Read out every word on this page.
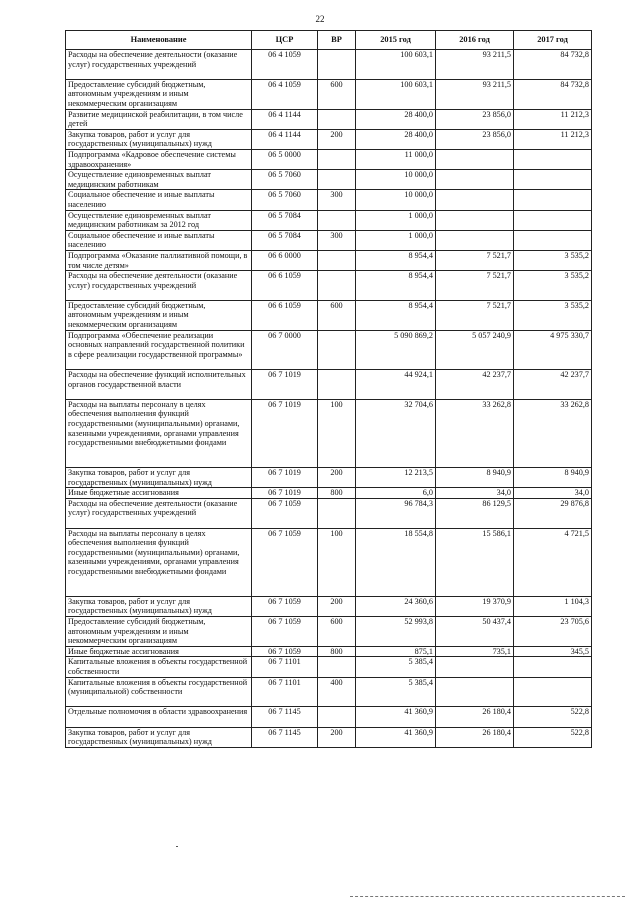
22
Наименование	ЦСР	ВР	2015 год	2016 год	2017 год
Расходы на обеспечение деятельности (оказание услуг) государственных учреждений	06 4 1059		100 603,1	93 211,5	84 732,8
Предоставление субсидий бюджетным, автономным учреждениям и иным некоммерческим организациям	06 4 1059	600	100 603,1	93 211,5	84 732,8
Развитие медицинской реабилитации, в том числе детей	06 4 1144		28 400,0	23 856,0	11 212,3
Закупка товаров, работ и услуг для государственных (муниципальных) нужд	06 4 1144	200	28 400,0	23 856,0	11 212,3
Подпрограмма «Кадровое обеспечение системы здравоохранения»	06 5 0000		11 000,0		
Осуществление единовременных выплат медицинским работникам	06 5 7060		10 000,0		
Социальное обеспечение и иные выплаты населению	06 5 7060	300	10 000,0		
Осуществление единовременных выплат медицинским работникам за 2012 год	06 5 7084		1 000,0		
Социальное обеспечение и иные выплаты населению	06 5 7084	300	1 000,0		
Подпрограмма «Оказание паллиативной помощи, в том числе детям»	06 6 0000		8 954,4	7 521,7	3 535,2
Расходы на обеспечение деятельности (оказание услуг) государственных учреждений	06 6 1059		8 954,4	7 521,7	3 535,2
Предоставление субсидий бюджетным, автономным учреждениям и иным некоммерческим организациям	06 6 1059	600	8 954,4	7 521,7	3 535,2
Подпрограмма «Обеспечение реализации основных направлений государственной политики в сфере реализации государственной программы»	06 7 0000		5 090 869,2	5 057 240,9	4 975 330,7
Расходы на обеспечение функций исполнительных органов государственной власти	06 7 1019		44 924,1	42 237,7	42 237,7
Расходы на выплаты персоналу в целях обеспечения выполнения функций государственными (муниципальными) органами, казенными учреждениями, органами управления государственными внебюджетными фондами	06 7 1019	100	32 704,6	33 262,8	33 262,8
Закупка товаров, работ и услуг для государственных (муниципальных) нужд	06 7 1019	200	12 213,5	8 940,9	8 940,9
Иные бюджетные ассигнования	06 7 1019	800	6,0	34,0	34,0
Расходы на обеспечение деятельности (оказание услуг) государственных учреждений	06 7 1059		96 784,3	86 129,5	29 876,8
Расходы на выплаты персоналу в целях обеспечения выполнения функций государственными (муниципальными) органами, казенными учреждениями, органами управления государственными внебюджетными фондами	06 7 1059	100	18 554,8	15 586,1	4 721,5
Закупка товаров, работ и услуг для государственных (муниципальных) нужд	06 7 1059	200	24 360,6	19 370,9	1 104,3
Предоставление субсидий бюджетным, автономным учреждениям и иным некоммерческим организациям	06 7 1059	600	52 993,8	50 437,4	23 705,6
Иные бюджетные ассигнования	06 7 1059	800	875,1	735,1	345,5
Капитальные вложения в объекты государственной собственности	06 7 1101		5 385,4		
Капитальные вложения в объекты государственной (муниципальной) собственности	06 7 1101	400	5 385,4		
Отдельные полномочия в области здравоохранения	06 7 1145		41 360,9	26 180,4	522,8
Закупка товаров, работ и услуг для государственных (муниципальных) нужд	06 7 1145	200	41 360,9	26 180,4	522,8
